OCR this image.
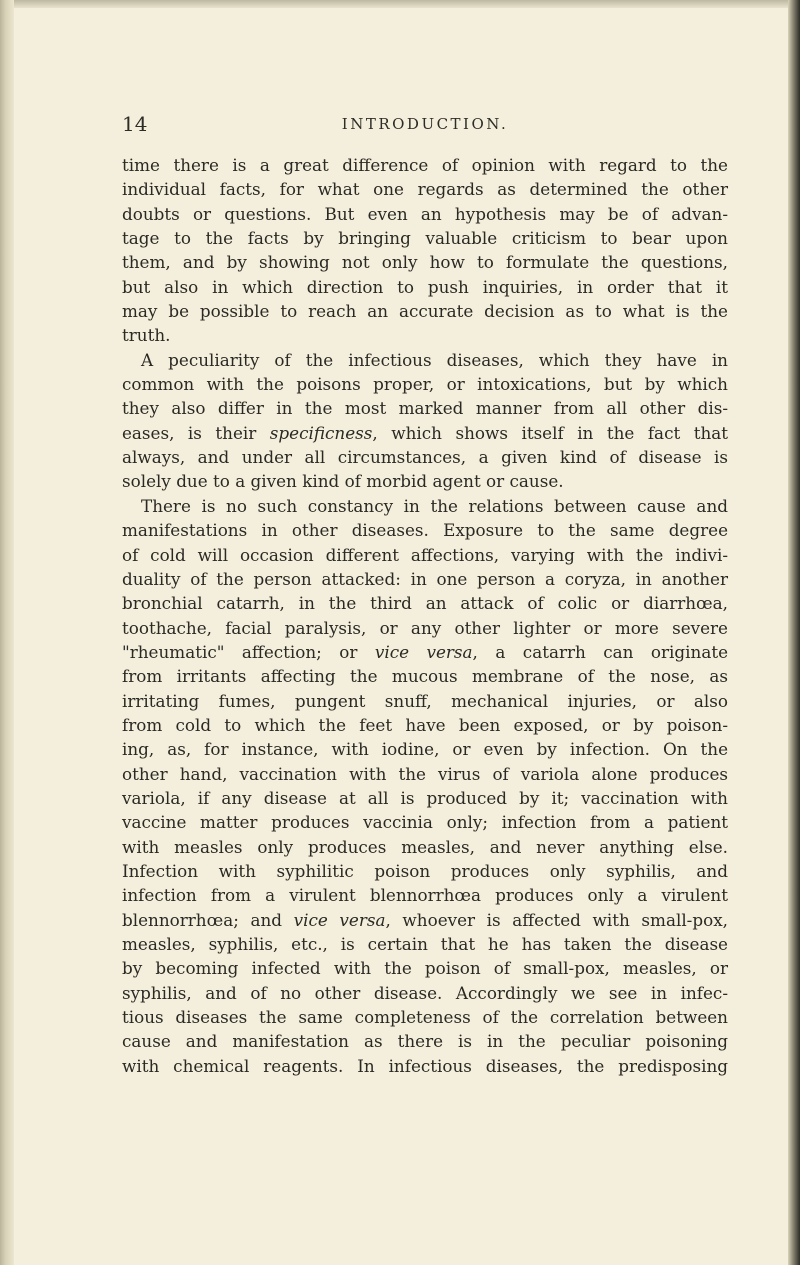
14	INTRODUCTION.
time there is a great difference of opinion with regard to the
individual facts, for what one regards as determined the other
doubts or questions. But even an hypothesis may be of advan-
tage to the facts by bringing valuable criticism to bear upon
them, and by showing not only how to formulate the questions,
but also in which direction to push inquiries, in order that it
may be possible to reach an accurate decision as to what is the
truth.
A peculiarity of the infectious diseases, which they have in
common with the poisons proper, or intoxications, but by which
they also differ in the most marked manner from all other dis-
eases, is their specificness, which shows itself in the fact that
always, and under all circumstances, a given kind of disease is
solely due to a given kind of morbid agent or cause.
There is no such constancy in the relations between cause and
manifestations in other diseases. Exposure to the same degree
of cold will occasion different affections, varying with the indivi-
duality of the person attacked: in one person a coryza, in another
bronchial catarrh, in the third an attack of colic or diarrhœa,
toothache, facial paralysis, or any other lighter or more severe
"rheumatic" affection; or vice versa, a catarrh can originate
from irritants affecting the mucous membrane of the nose, as
irritating fumes, pungent snuff, mechanical injuries, or also
from cold to which the feet have been exposed, or by poison-
ing, as, for instance, with iodine, or even by infection. On the
other hand, vaccination with the virus of variola alone produces
variola, if any disease at all is produced by it; vaccination with
vaccine matter produces vaccinia only; infection from a patient
with measles only produces measles, and never anything else.
Infection with syphilitic poison produces only syphilis, and
infection from a virulent blennorrhœa produces only a virulent
blennorrhœa; and vice versa, whoever is affected with small-pox,
measles, syphilis, etc., is certain that he has taken the disease
by becoming infected with the poison of small-pox, measles, or
syphilis, and of no other disease. Accordingly we see in infec-
tious diseases the same completeness of the correlation between
cause and manifestation as there is in the peculiar poisoning
with chemical reagents. In infectious diseases, the predisposing
